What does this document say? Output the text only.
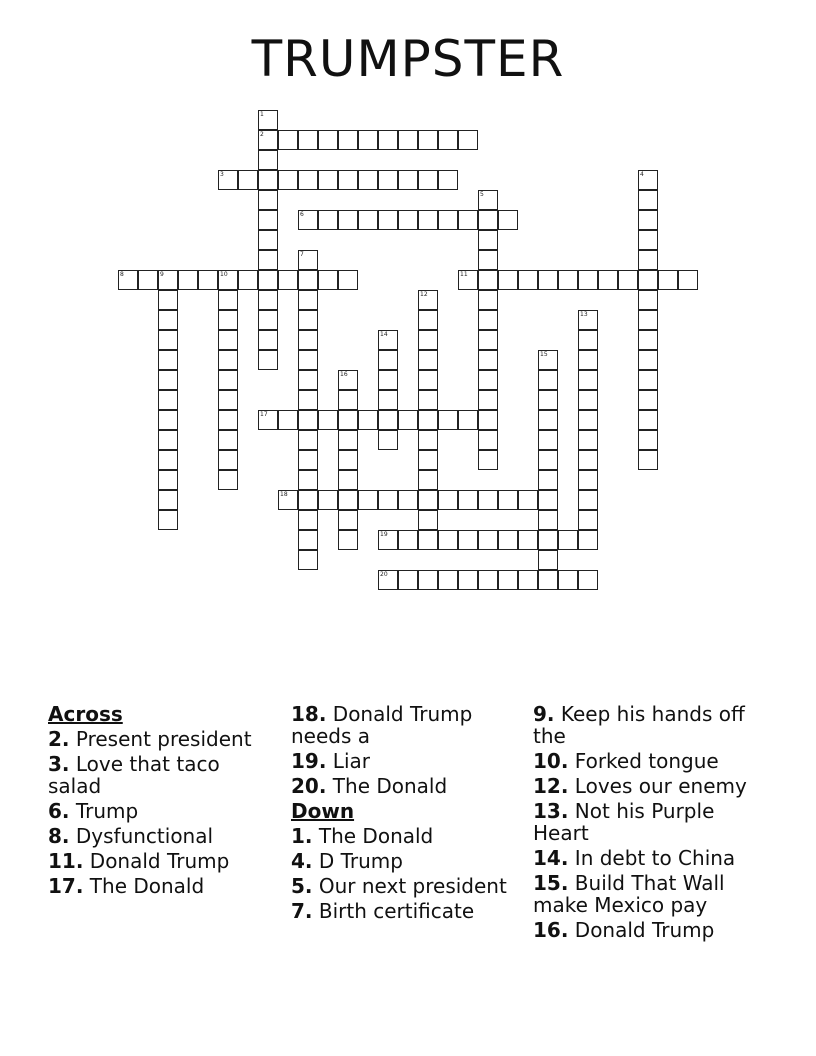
TRUMPSTER
1
2
3	4
5
6
7
8	9	10	11
12
13
14
15
16
17
18
19
20
Across
2. Present president
3. Love that taco salad
6. Trump
8. Dysfunctional
11. Donald Trump
17. The Donald
18. Donald Trump needs a
19. Liar
20. The Donald
Down
1. The Donald
4. D Trump
5. Our next president
7. Birth certificate
9. Keep his hands off the
10. Forked tongue
12. Loves our enemy
13. Not his Purple Heart
14. In debt to China
15. Build That Wall make Mexico pay
16. Donald Trump
